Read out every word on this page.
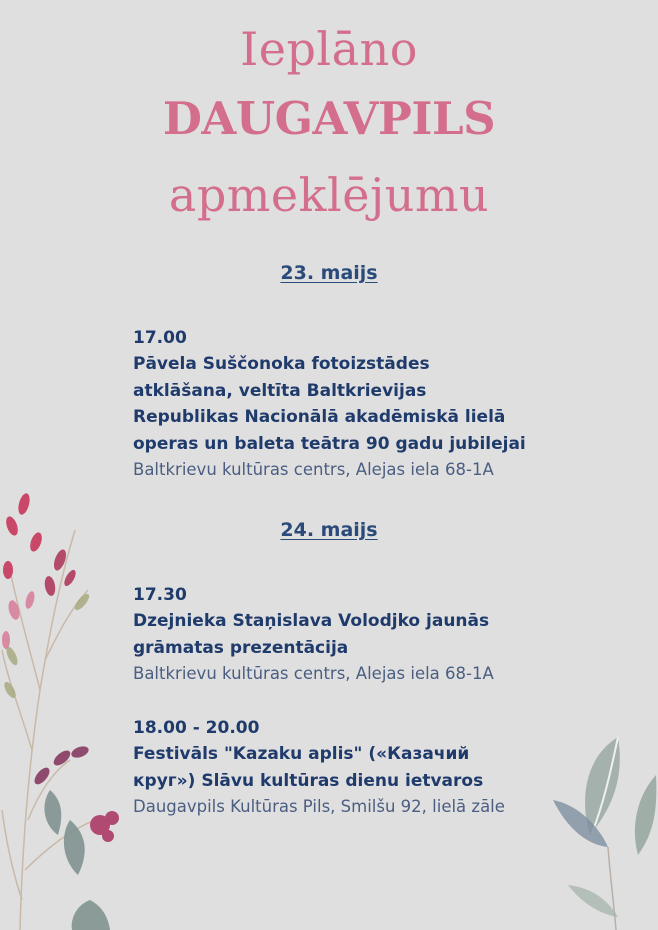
Ieplāno
DAUGAVPILS
apmeklējumu
23. maijs
17.00
Pāvela Suščonoka fotoizstādes atklāšana, veltīta Baltkrievijas Republikas Nacionālā akadēmiskā lielā operas un baleta teātra 90 gadu jubilejai
Baltkrievu kultūras centrs, Alejas iela 68-1A
24. maijs
17.30
Dzejnieka Staņislava Volodjko jaunās grāmatas prezentācija
Baltkrievu kultūras centrs, Alejas iela 68-1A
18.00 - 20.00
Festivāls "Kazaku aplis" («Казачий круг») Slāvu kultūras dienu ietvaros
Daugavpils Kultūras Pils, Smilšu 92, lielā zāle
